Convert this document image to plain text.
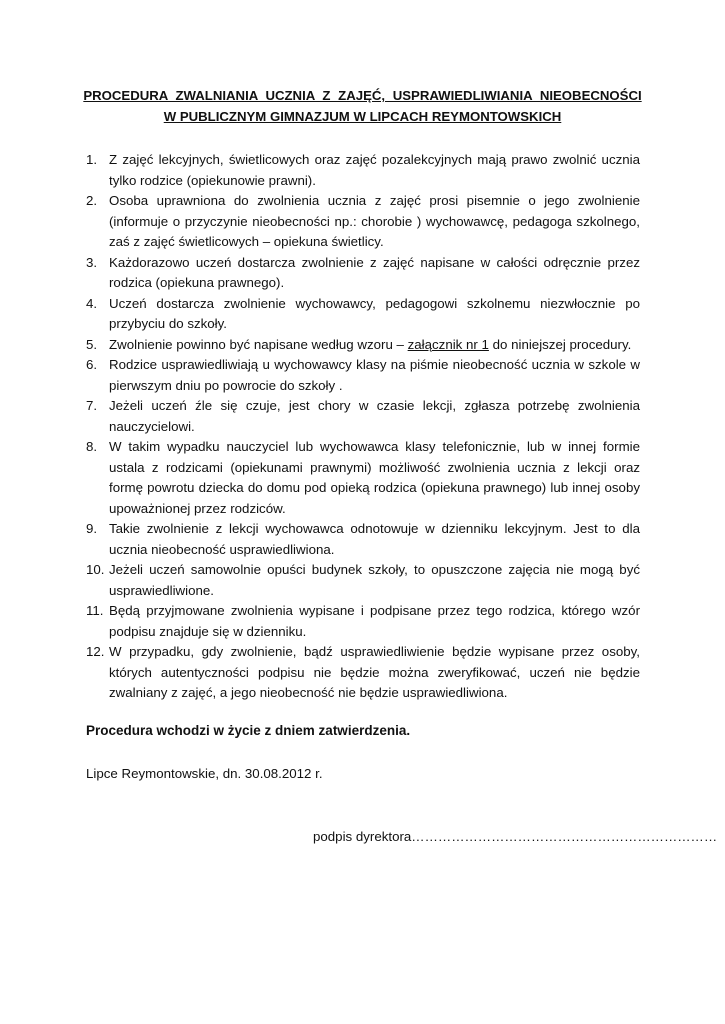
PROCEDURA ZWALNIANIA UCZNIA Z ZAJĘĆ, USPRAWIEDLIWIANIA NIEOBECNOŚCI
W PUBLICZNYM GIMNAZJUM W LIPCACH REYMONTOWSKICH
1. Z zajęć lekcyjnych, świetlicowych oraz zajęć pozalekcyjnych mają prawo zwolnić ucznia tylko rodzice (opiekunowie prawni).
2. Osoba uprawniona do zwolnienia ucznia z zajęć prosi pisemnie o jego zwolnienie (informuje o przyczynie nieobecności np.: chorobie ) wychowawcę, pedagoga szkolnego, zaś z zajęć świetlicowych – opiekuna świetlicy.
3. Każdorazowo uczeń dostarcza zwolnienie z zajęć napisane w całości odręcznie przez rodzica (opiekuna prawnego).
4. Uczeń dostarcza zwolnienie wychowawcy, pedagogowi szkolnemu niezwłocznie po przybyciu do szkoły.
5. Zwolnienie powinno być napisane według wzoru – załącznik nr 1 do niniejszej procedury.
6. Rodzice usprawiedliwiają u wychowawcy klasy na piśmie nieobecność ucznia w szkole w pierwszym dniu po powrocie do szkoły .
7. Jeżeli uczeń źle się czuje, jest chory w czasie lekcji, zgłasza potrzebę zwolnienia nauczycielowi.
8. W takim wypadku nauczyciel lub wychowawca klasy telefonicznie, lub w innej formie ustala z rodzicami (opiekunami prawnymi) możliwość zwolnienia ucznia z lekcji oraz formę powrotu dziecka do domu pod opieką rodzica (opiekuna prawnego) lub innej osoby upoważnionej przez rodziców.
9. Takie zwolnienie z lekcji wychowawca odnotowuje w dzienniku lekcyjnym. Jest to dla ucznia nieobecność usprawiedliwiona.
10. Jeżeli uczeń samowolnie opuści budynek szkoły, to opuszczone zajęcia nie mogą być usprawiedliwione.
11. Będą przyjmowane zwolnienia wypisane i podpisane przez tego rodzica, którego wzór podpisu znajduje się w dzienniku.
12. W przypadku, gdy zwolnienie, bądź usprawiedliwienie będzie wypisane przez osoby, których autentyczności podpisu nie będzie można zweryfikować, uczeń nie będzie zwalniany z zajęć, a jego nieobecność nie będzie usprawiedliwiona.
Procedura wchodzi w życie z dniem zatwierdzenia.
Lipce Reymontowskie, dn. 30.08.2012 r.
podpis dyrektora……………………………………………………………
